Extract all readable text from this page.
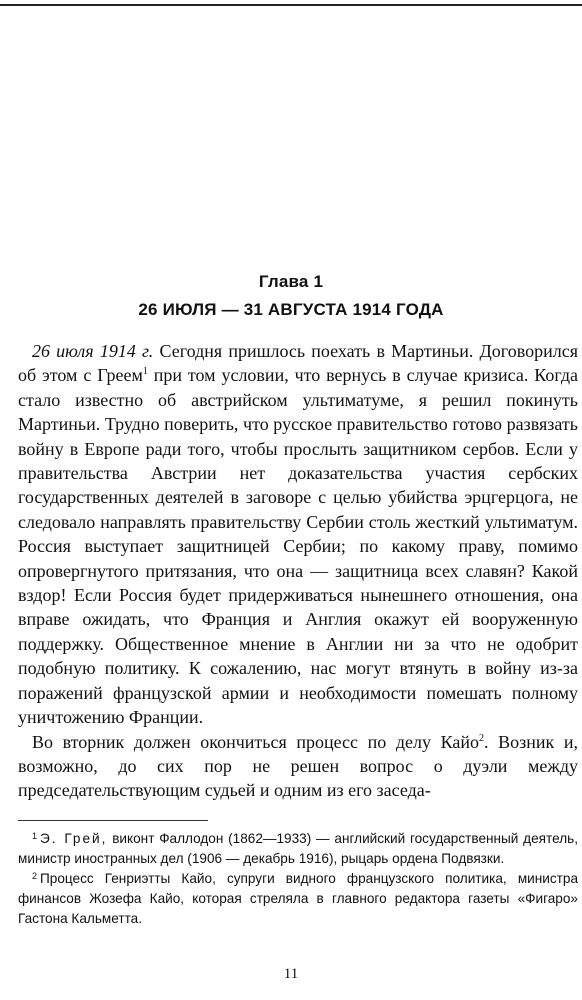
Глава 1
26 ИЮЛЯ — 31 АВГУСТА 1914 ГОДА

26 июля 1914 г. Сегодня пришлось поехать в Мартиньи. Договорился об этом с Греем$^1$ при том условии, что вернусь в случае кризиса. Когда стало известно об австрийском ультиматуме, я решил покинуть Мартиньи. Трудно поверить, что русское правительство готово развязать войну в Европе ради того, чтобы прослыть защитником сербов. Если у правительства Австрии нет доказательства участия сербских государственных деятелей в заговоре с целью убийства эрцгерцога, не следовало направлять правительству Сербии столь жесткий ультиматум. Россия выступает защитницей Сербии; по какому праву, помимо опровергнутого притязания, что она — защитница всех славян? Какой вздор! Если Россия будет придерживаться нынешнего отношения, она вправе ожидать, что Франция и Англия окажут ей вооруженную поддержку. Общественное мнение в Англии ни за что не одобрит подобную политику. К сожалению, нас могут втянуть в войну из-за поражений французской армии и необходимости помешать полному уничтожению Франции.

Во вторник должен окончиться процесс по делу Кайо$^2$. Возник и, возможно, до сих пор не решен вопрос о дуэли между председательствующим судьей и одним из его заседа-

$^1$ Э. Грей, виконт Фаллодон (1862—1933) — английский государственный деятель, министр иностранных дел (1906 — декабрь 1916), рыцарь ордена Подвязки.

$^2$ Процесс Генриэтты Кайо, супруги видного французского политика, министра финансов Жозефа Кайо, которая стреляла в главного редактора газеты «Фигаро» Гастона Кальметта.

11
